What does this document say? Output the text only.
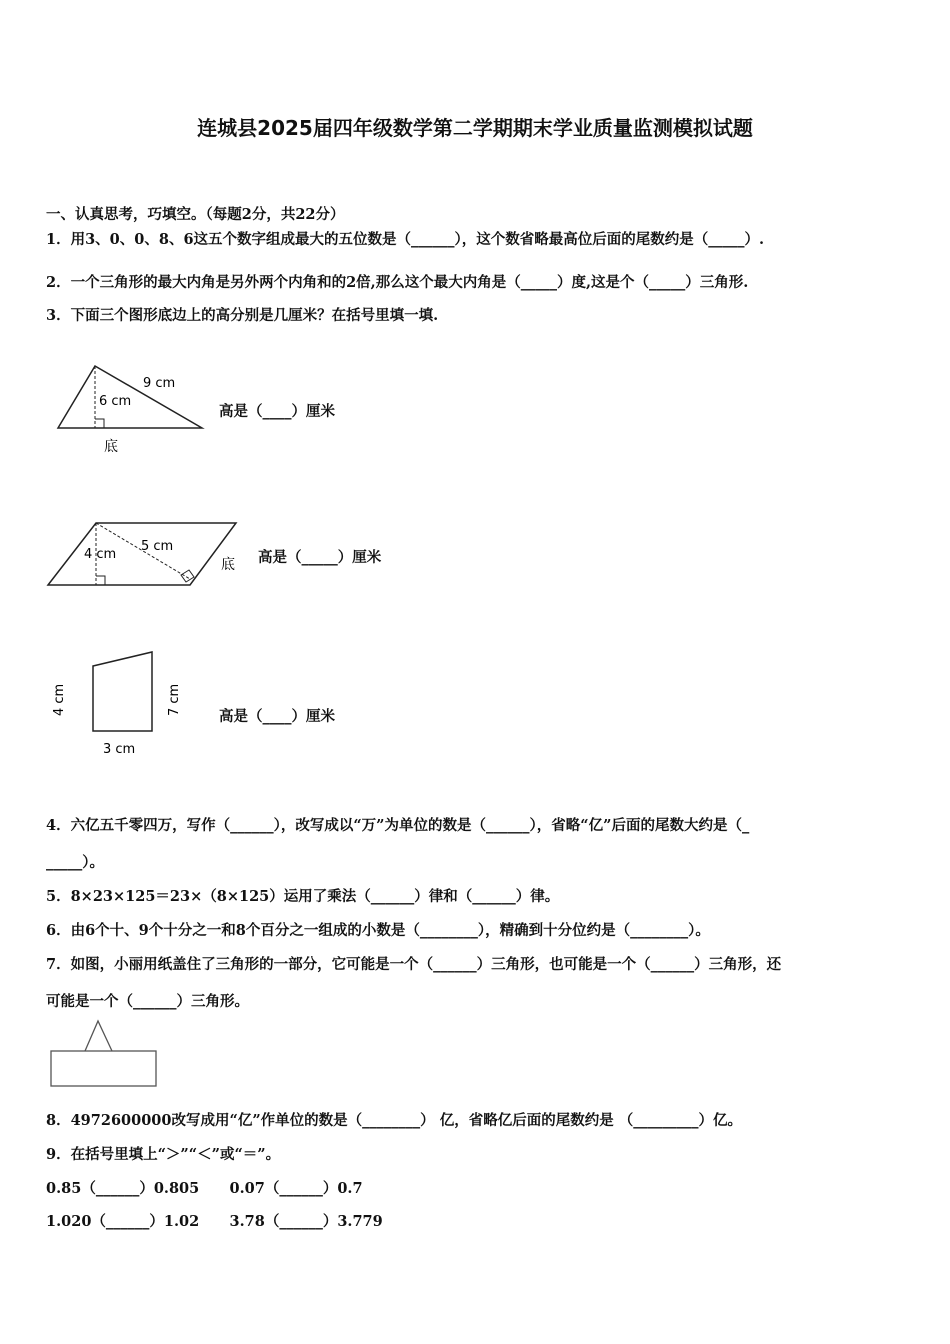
连城县2025届四年级数学第二学期期末学业质量监测模拟试题
一、认真思考，巧填空。（每题2分，共22分）
1．用3、0、0、8、6这五个数字组成最大的五位数是（______），这个数省略最高位后面的尾数约是（_____）.
2．一个三角形的最大内角是另外两个内角和的2倍,那么这个最大内角是（_____）度,这是个（_____）三角形.
3．下面三个图形底边上的高分别是几厘米？在括号里填一填.
9 cm
6 cm
底
高是（____）厘米
4 cm
5 cm
底 高是（_____）厘米
4 cm	7 cm
3 cm
高是（____）厘米
4．六亿五千零四万，写作（______），改写成以“万”为单位的数是（______），省略“亿”后面的尾数大约是（_
_____）。
5．8×23×125＝23×（8×125）运用了乘法（______）律和（______）律。
6．由6个十、9个十分之一和8个百分之一组成的小数是（________），精确到十分位约是（________）。
7．如图，小丽用纸盖住了三角形的一部分，它可能是一个（______）三角形，也可能是一个（______）三角形，还
可能是一个（______）三角形。
8．4972600000改写成用“亿”作单位的数是（________） 亿，省略亿后面的尾数约是 （_________）亿。
9．在括号里填上“＞”“＜”或“＝”。
0.85（______）0.805      0.07（______）0.7
1.020（______）1.02      3.78（______）3.779
